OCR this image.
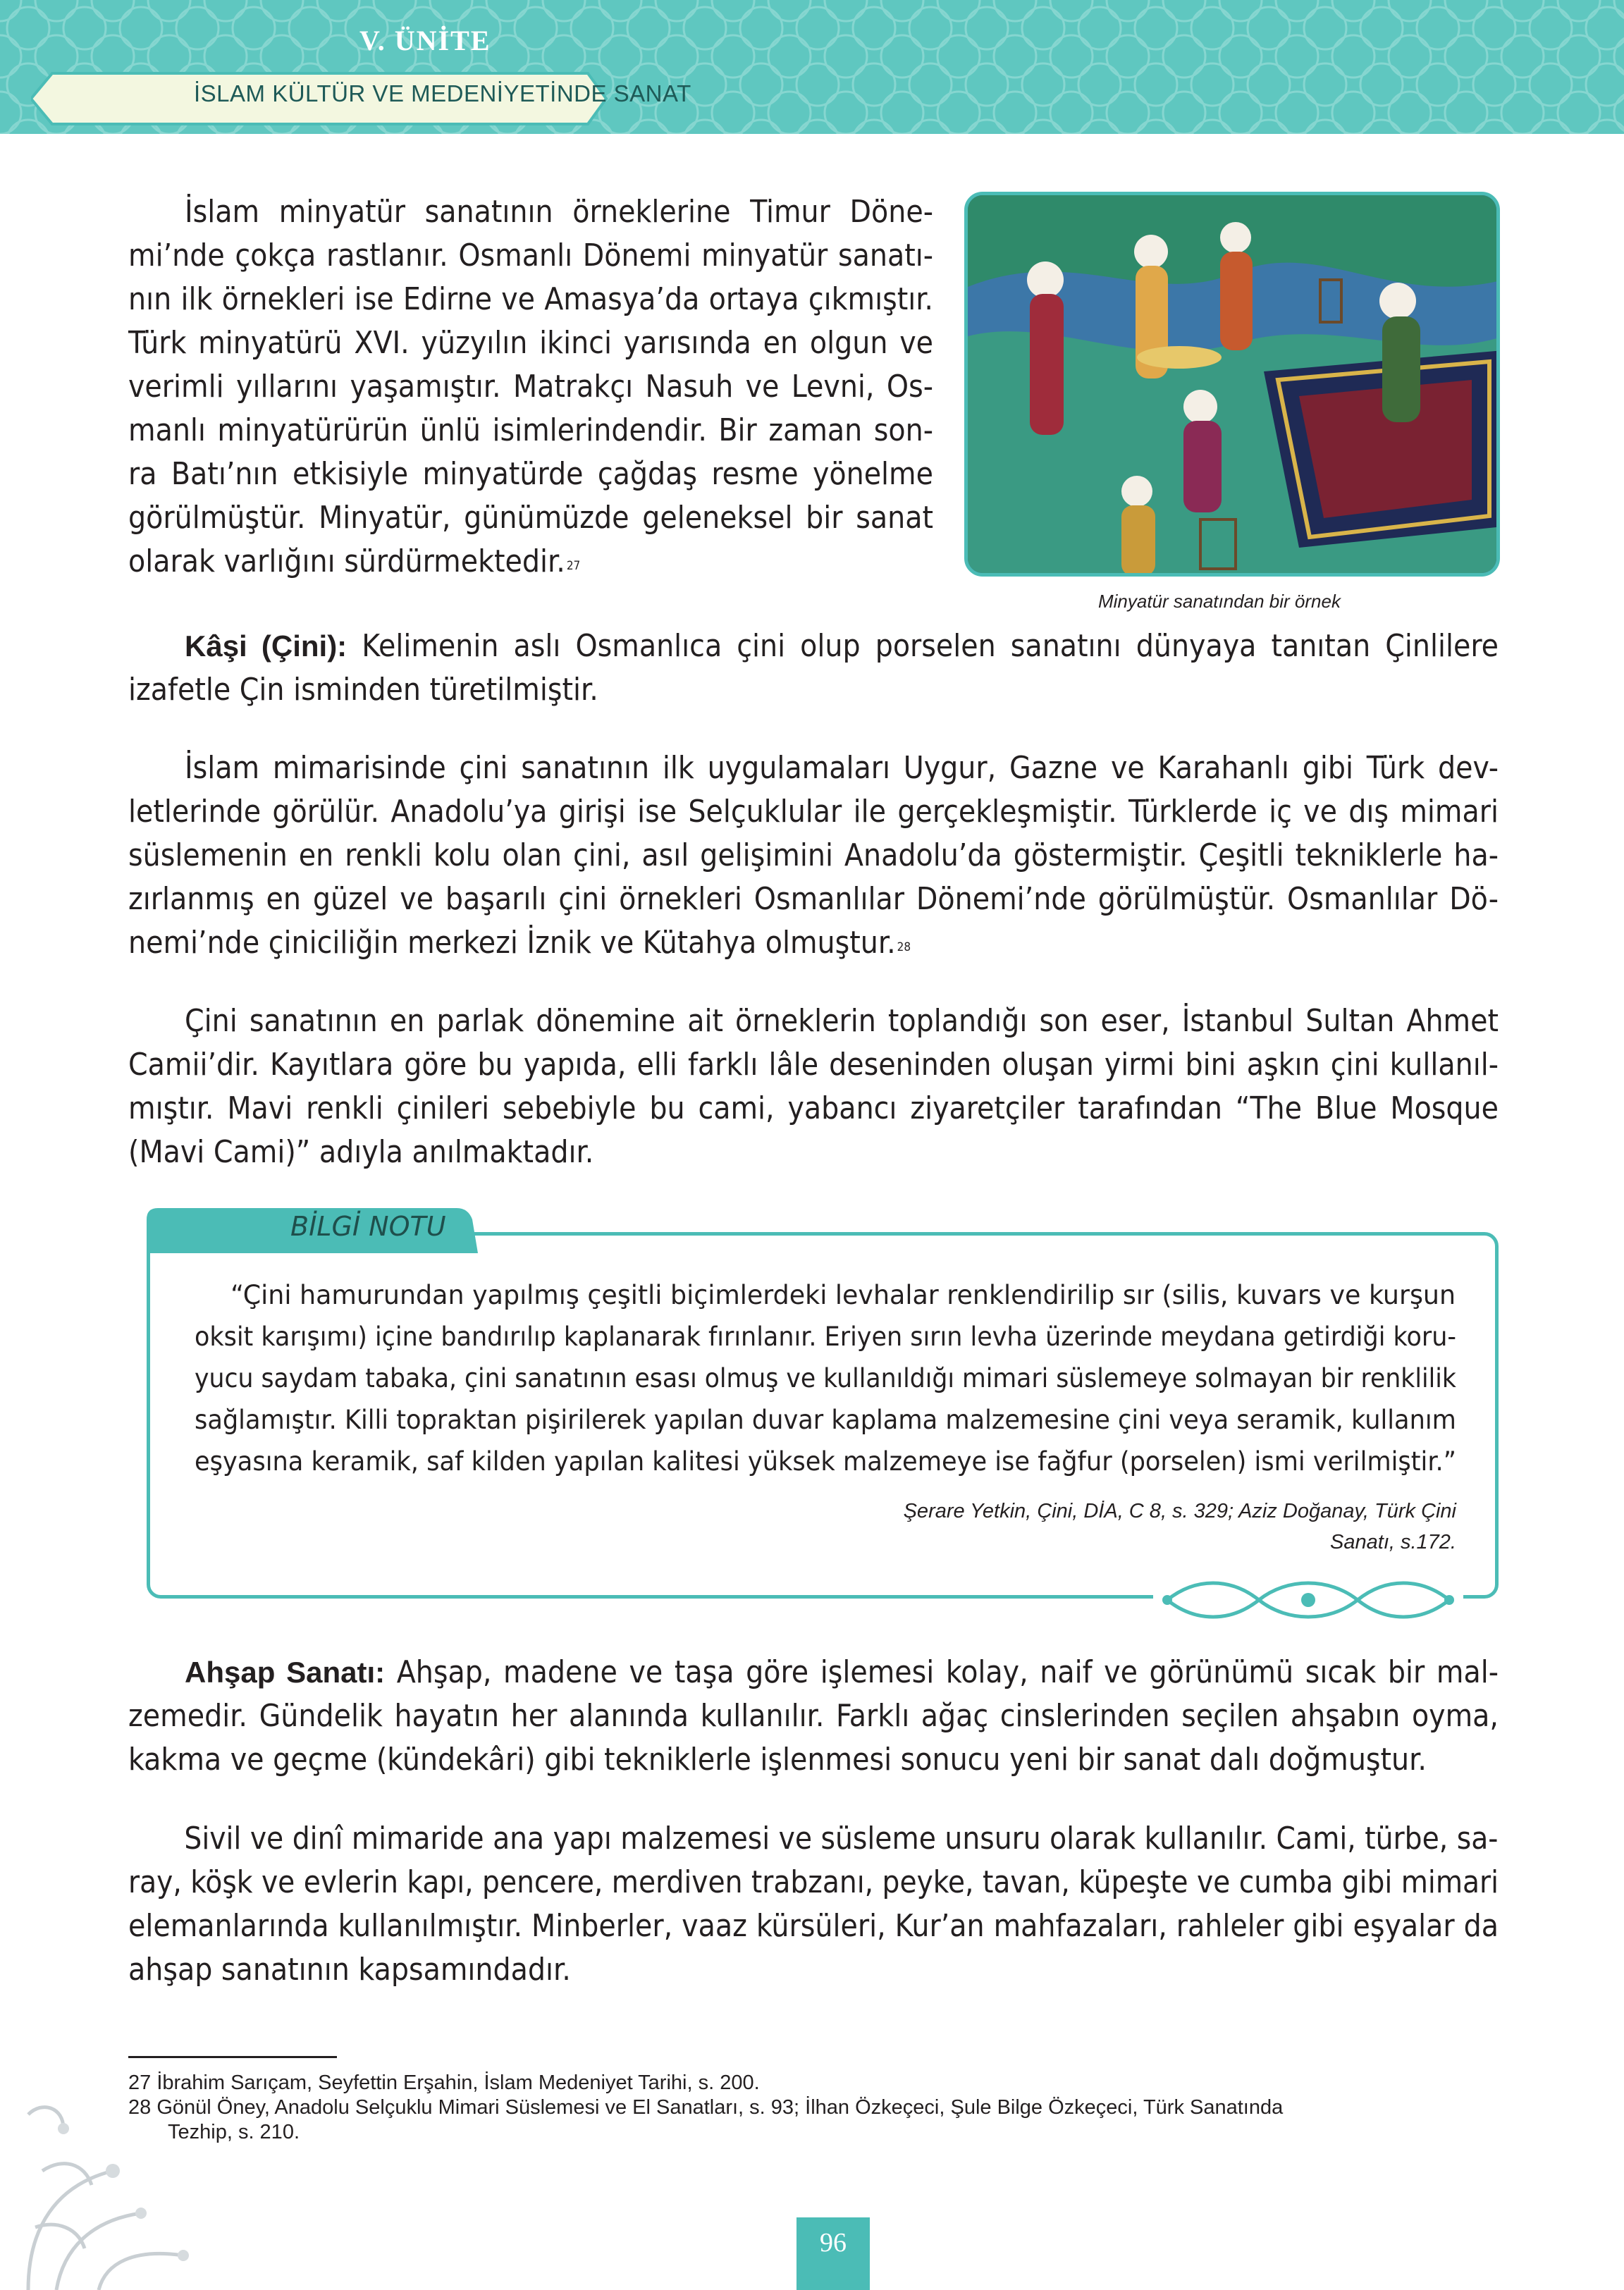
V. ÜNİTE
İSLAM KÜLTÜR VE MEDENİYETİNDE SANAT
İslam minyatür sanatının örneklerine Timur Döne-
mi’nde çokça rastlanır. Osmanlı Dönemi minyatür sanatı-
nın ilk örnekleri ise Edirne ve Amasya’da ortaya çıkmıştır.
Türk minyatürü XVI. yüzyılın ikinci yarısında en olgun ve
verimli yıllarını yaşamıştır. Matrakçı Nasuh ve Levni, Os-
manlı minyatürürün ünlü isimlerindendir. Bir zaman son-
ra Batı’nın etkisiyle minyatürde çağdaş resme yönelme
görülmüştür. Minyatür, günümüzde geleneksel bir sanat
olarak varlığını sürdürmektedir. $^{27}$
Minyatür sanatından bir örnek
Kâşi (Çini): Kelimenin aslı Osmanlıca çini olup porselen sanatını dünyaya tanıtan Çinlilere
izafetle Çin isminden türetilmiştir.
İslam mimarisinde çini sanatının ilk uygulamaları Uygur, Gazne ve Karahanlı gibi Türk dev-
letlerinde görülür. Anadolu’ya girişi ise Selçuklular ile gerçekleşmiştir. Türklerde iç ve dış mimari
süslemenin en renkli kolu olan çini, asıl gelişimini Anadolu’da göstermiştir. Çeşitli tekniklerle ha-
zırlanmış en güzel ve başarılı çini örnekleri Osmanlılar Dönemi’nde görülmüştür. Osmanlılar Dö-
nemi’nde çiniciliğin merkezi İznik ve Kütahya olmuştur. $^{28}$
Çini sanatının en parlak dönemine ait örneklerin toplandığı son eser, İstanbul Sultan Ahmet
Camii’dir. Kayıtlara göre bu yapıda, elli farklı lâle deseninden oluşan yirmi bini aşkın çini kullanıl-
mıştır. Mavi renkli çinileri sebebiyle bu cami, yabancı ziyaretçiler tarafından “The Blue Mosque
(Mavi Cami)” adıyla anılmaktadır.
BİLGİ NOTU
“Çini hamurundan yapılmış çeşitli biçimlerdeki levhalar renklendirilip sır (silis, kuvars ve kurşun
oksit karışımı) içine bandırılıp kaplanarak fırınlanır. Eriyen sırın levha üzerinde meydana getirdiği koru-
yucu saydam tabaka, çini sanatının esası olmuş ve kullanıldığı mimari süslemeye solmayan bir renklilik
sağlamıştır. Killi topraktan pişirilerek yapılan duvar kaplama malzemesine çini veya seramik, kullanım
eşyasına keramik, saf kilden yapılan kalitesi yüksek malzemeye ise fağfur (porselen) ismi verilmiştir.”
Şerare Yetkin, Çini, DİA, C 8, s. 329; Aziz Doğanay, Türk Çini
Sanatı, s.172.
Ahşap Sanatı: Ahşap, madene ve taşa göre işlemesi kolay, naif ve görünümü sıcak bir mal-
zemedir. Gündelik hayatın her alanında kullanılır. Farklı ağaç cinslerinden seçilen ahşabın oyma,
kakma ve geçme (kündekâri) gibi tekniklerle işlenmesi sonucu yeni bir sanat dalı doğmuştur.
Sivil ve dinî mimaride ana yapı malzemesi ve süsleme unsuru olarak kullanılır. Cami, türbe, sa-
ray, köşk ve evlerin kapı, pencere, merdiven trabzanı, peyke, tavan, küpeşte ve cumba gibi mimari
elemanlarında kullanılmıştır. Minberler, vaaz kürsüleri, Kur’an mahfazaları, rahleler gibi eşyalar da
ahşap sanatının kapsamındadır.
27 İbrahim Sarıçam, Seyfettin Erşahin, İslam Medeniyet Tarihi, s. 200.
28 Gönül Öney, Anadolu Selçuklu Mimari Süslemesi ve El Sanatları, s. 93; İlhan Özkeçeci, Şule Bilge Özkeçeci, Türk Sanatında
Tezhip, s. 210.
96
